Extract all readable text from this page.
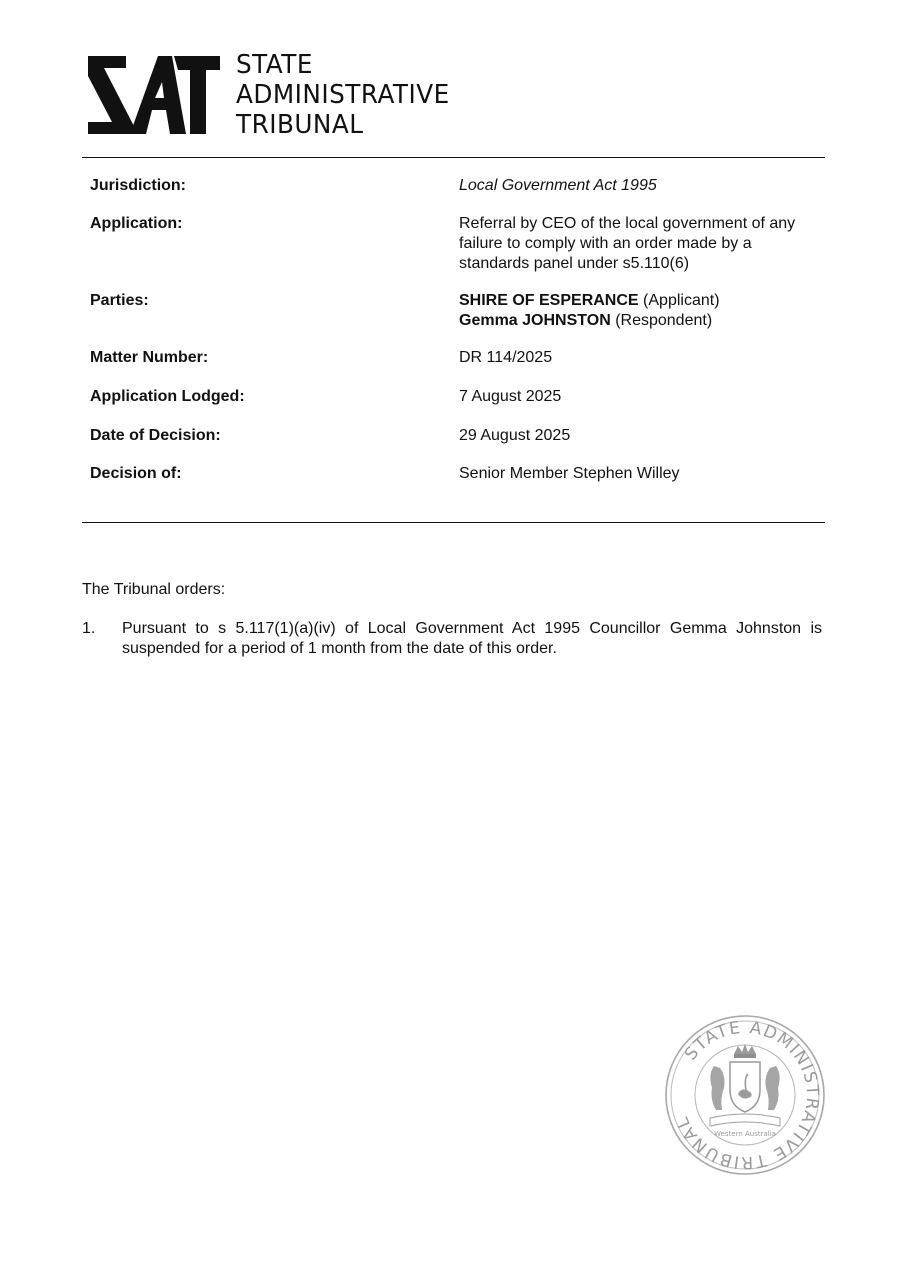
STATE
ADMINISTRATIVE
TRIBUNAL
Jurisdiction:	Local Government Act 1995
Application:	Referral by CEO of the local government of any failure to comply with an order made by a standards panel under s5.110(6)
Parties:	SHIRE OF ESPERANCE (Applicant)
Gemma JOHNSTON (Respondent)
Matter Number:	DR 114/2025
Application Lodged:	7 August 2025
Date of Decision:	29 August 2025
Decision of:	Senior Member Stephen Willey
The Tribunal orders:
1.	Pursuant to s 5.117(1)(a)(iv) of Local Government Act 1995 Councillor Gemma Johnston is suspended for a period of 1 month from the date of this order.
STATE ADMINISTRATIVE TRIBUNAL
Western Australia
